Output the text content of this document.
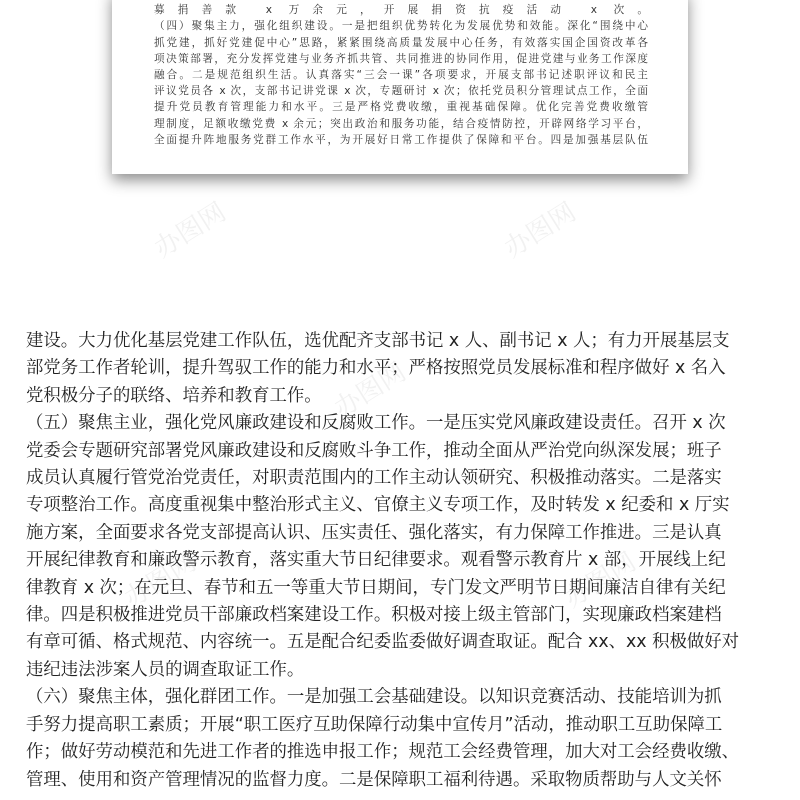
募捐善款 x 万余元，开展捐资抗疫活动 x 次。

（四）聚集主力，强化组织建设。一是把组织优势转化为发展优势和效能。深化“围绕中心

抓党建，抓好党建促中心”思路，紧紧围绕高质量发展中心任务，有效落实国企国资改革各

项决策部署，充分发挥党建与业务齐抓共管、共同推进的协同作用，促进党建与业务工作深度

融合。二是规范组织生活。认真落实“三会一课”各项要求，开展支部书记述职评议和民主

评议党员各 x 次，支部书记讲党课 x 次，专题研讨 x 次；依托党员积分管理试点工作，全面

提升党员教育管理能力和水平。三是严格党费收缴，重视基础保障。优化完善党费收缴管

理制度，足额收缴党费 x 余元；突出政治和服务功能，结合疫情防控，开辟网络学习平台，

全面提升阵地服务党群工作水平，为开展好日常工作提供了保障和平台。四是加强基层队伍

办图网	办图网
办图网
办图网	办图网

建设。大力优化基层党建工作队伍，选优配齐支部书记 x 人、副书记 x 人；有力开展基层支

部党务工作者轮训，提升驾驭工作的能力和水平；严格按照党员发展标准和程序做好 x 名入

党积极分子的联络、培养和教育工作。

（五）聚焦主业，强化党风廉政建设和反腐败工作。一是压实党风廉政建设责任。召开 x 次

党委会专题研究部署党风廉政建设和反腐败斗争工作，推动全面从严治党向纵深发展；班子

成员认真履行管党治党责任，对职责范围内的工作主动认领研究、积极推动落实。二是落实

专项整治工作。高度重视集中整治形式主义、官僚主义专项工作，及时转发 x 纪委和 x 厅实

施方案，全面要求各党支部提高认识、压实责任、强化落实，有力保障工作推进。三是认真

开展纪律教育和廉政警示教育，落实重大节日纪律要求。观看警示教育片 x 部，开展线上纪

律教育 x 次；在元旦、春节和五一等重大节日期间，专门发文严明节日期间廉洁自律有关纪

律。四是积极推进党员干部廉政档案建设工作。积极对接上级主管部门，实现廉政档案建档

有章可循、格式规范、内容统一。五是配合纪委监委做好调查取证。配合 xx、xx 积极做好对

违纪违法涉案人员的调查取证工作。

（六）聚焦主体，强化群团工作。一是加强工会基础建设。以知识竞赛活动、技能培训为抓

手努力提高职工素质；开展“职工医疗互助保障行动集中宣传月”活动，推动职工互助保障工

作；做好劳动模范和先进工作者的推选申报工作；规范工会经费管理，加大对工会经费收缴、

管理、使用和资产管理情况的监督力度。二是保障职工福利待遇。采取物质帮助与人文关怀
